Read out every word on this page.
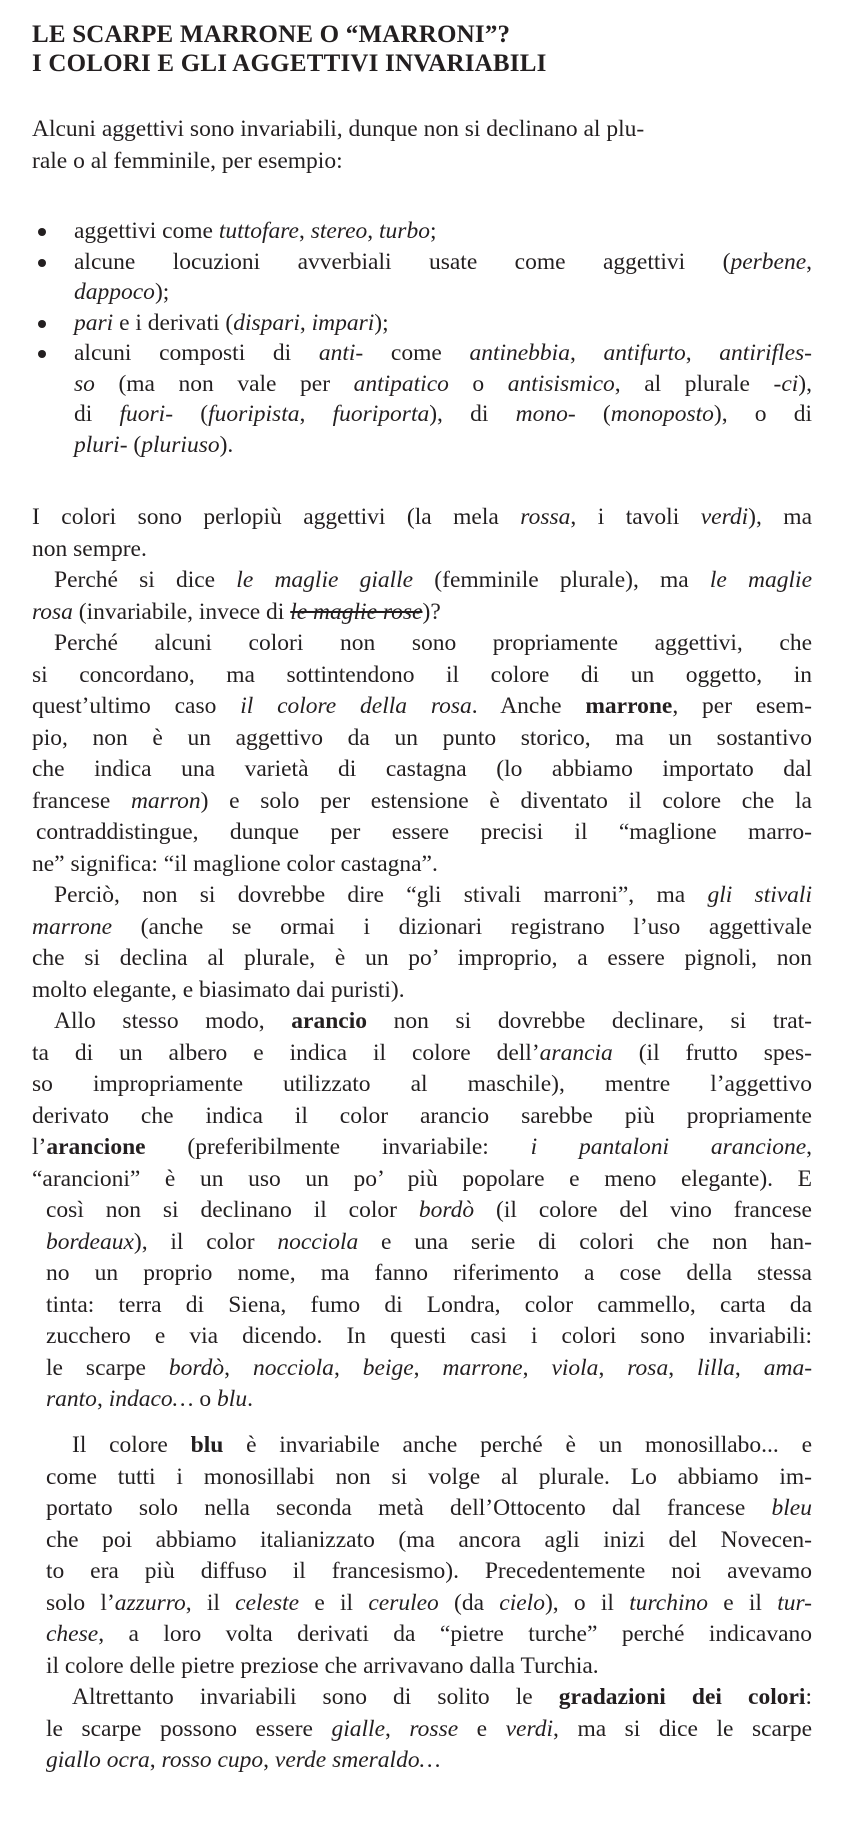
LE SCARPE MARRONE O “MARRONI”?
I COLORI E GLI AGGETTIVI INVARIABILI
Alcuni aggettivi sono invariabili, dunque non si declinano al plu-
rale o al femminile, per esempio:
aggettivi come tuttofare, stereo, turbo;
alcune locuzioni avverbiali usate come aggettivi (perbene,
dappoco);
pari e i derivati (dispari, impari);
alcuni composti di anti- come antinebbia, antifurto, antirifles-
so (ma non vale per antipatico o antisismico, al plurale -ci),
di fuori- (fuoripista, fuoriporta), di mono- (monoposto), o di
pluri- (pluriuso).
I colori sono perlopiù aggettivi (la mela rossa, i tavoli verdi), ma
non sempre.
Perché si dice le maglie gialle (femminile plurale), ma le maglie
rosa (invariabile, invece di le maglie rose)?
Perché alcuni colori non sono propriamente aggettivi, che
si concordano, ma sottintendono il colore di un oggetto, in
quest’ultimo caso il colore della rosa. Anche marrone, per esem-
pio, non è un aggettivo da un punto storico, ma un sostantivo
che indica una varietà di castagna (lo abbiamo importato dal
francese marron) e solo per estensione è diventato il colore che la
contraddistingue, dunque per essere precisi il “maglione marro-
ne” significa: “il maglione color castagna”.
Perciò, non si dovrebbe dire “gli stivali marroni”, ma gli stivali
marrone (anche se ormai i dizionari registrano l’uso aggettivale
che si declina al plurale, è un po’ improprio, a essere pignoli, non
molto elegante, e biasimato dai puristi).
Allo stesso modo, arancio non si dovrebbe declinare, si trat-
ta di un albero e indica il colore dell’arancia (il frutto spes-
so impropriamente utilizzato al maschile), mentre l’aggettivo
derivato che indica il color arancio sarebbe più propriamente
l’arancione (preferibilmente invariabile: i pantaloni arancione,
“arancioni” è un uso un po’ più popolare e meno elegante). E
così non si declinano il color bordò (il colore del vino francese
bordeaux), il color nocciola e una serie di colori che non han-
no un proprio nome, ma fanno riferimento a cose della stessa
tinta: terra di Siena, fumo di Londra, color cammello, carta da
zucchero e via dicendo. In questi casi i colori sono invariabili:
le scarpe bordò, nocciola, beige, marrone, viola, rosa, lilla, ama-
ranto, indaco… o blu.
Il colore blu è invariabile anche perché è un monosillabo... e
come tutti i monosillabi non si volge al plurale. Lo abbiamo im-
portato solo nella seconda metà dell’Ottocento dal francese bleu
che poi abbiamo italianizzato (ma ancora agli inizi del Novecen-
to era più diffuso il francesismo). Precedentemente noi avevamo
solo l’azzurro, il celeste e il ceruleo (da cielo), o il turchino e il tur-
chese, a loro volta derivati da “pietre turche” perché indicavano
il colore delle pietre preziose che arrivavano dalla Turchia.
Altrettanto invariabili sono di solito le gradazioni dei colori:
le scarpe possono essere gialle, rosse e verdi, ma si dice le scarpe
giallo ocra, rosso cupo, verde smeraldo…
